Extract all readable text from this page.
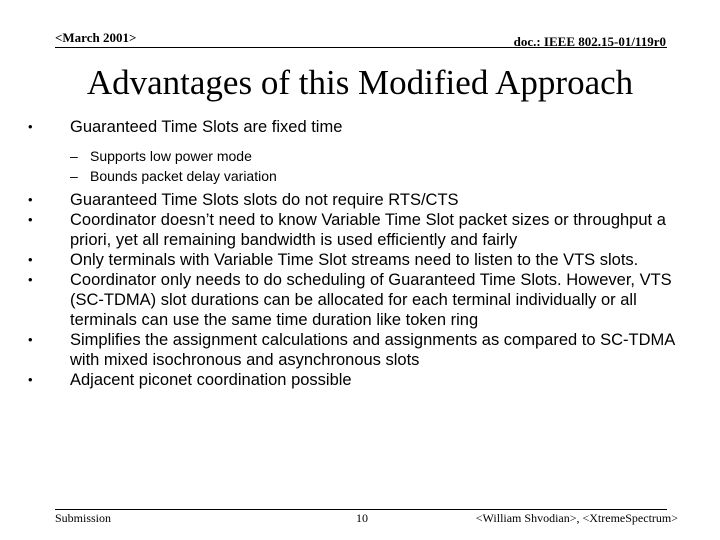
<March 2001>	doc.: IEEE 802.15-01/119r0
Advantages of this Modified Approach
•	Guaranteed Time Slots are fixed time
– Supports low power mode
– Bounds packet delay variation
•	Guaranteed Time Slots slots do not require RTS/CTS
•	Coordinator doesn’t need to know Variable Time Slot packet sizes or throughput a priori, yet all remaining bandwidth is used efficiently and fairly
•	Only terminals with Variable Time Slot streams need to listen to the VTS slots.
•	Coordinator only needs to do scheduling of Guaranteed Time Slots. However, VTS (SC-TDMA) slot durations can be allocated for each terminal individually or all terminals can use the same time duration like token ring
•	Simplifies the assignment calculations and assignments as compared to SC-TDMA with mixed isochronous and asynchronous slots
•	Adjacent piconet coordination possible
Submission	10	<William Shvodian>, <XtremeSpectrum>
